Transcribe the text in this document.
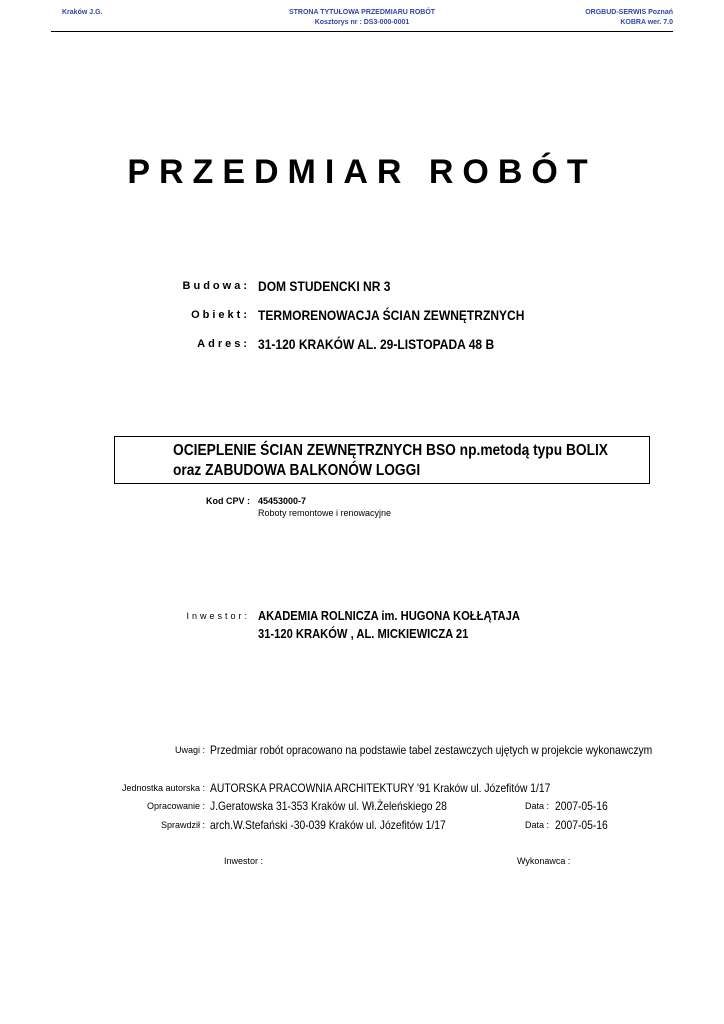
Kraków J.G.	STRONA TYTUŁOWA PRZEDMIARU ROBÓT
Kosztorys nr : DS3-000-0001
ORGBUD-SERWIS Poznań
KOBRA wer. 7.0
PRZEDMIAR ROBÓT
Budowa: DOM STUDENCKI NR 3
Obiekt: TERMORENOWACJA ŚCIAN ZEWNĘTRZNYCH
Adres: 31-120 KRAKÓW AL. 29-LISTOPADA 48 B
OCIEPLENIE ŚCIAN ZEWNĘTRZNYCH BSO np.metodą typu BOLIX
oraz ZABUDOWA BALKONÓW LOGGI
Kod CPV : 45453000-7
Roboty remontowe i renowacyjne
Inwestor: AKADEMIA ROLNICZA im. HUGONA KOŁŁĄTAJA
31-120 KRAKÓW , AL. MICKIEWICZA 21
Uwagi : Przedmiar robót opracowano na podstawie tabel zestawczych ujętych w projekcie wykonawczym
Jednostka autorska : AUTORSKA PRACOWNIA ARCHITEKTURY '91 Kraków ul. Józefitów 1/17
Opracowanie : J.Geratowska 31-353 Kraków ul. Wł.Żeleńskiego 28	Data : 2007-05-16
Sprawdził : arch.W.Stefański -30-039 Kraków ul. Józefitów 1/17	Data : 2007-05-16
Inwestor :	Wykonawca :
